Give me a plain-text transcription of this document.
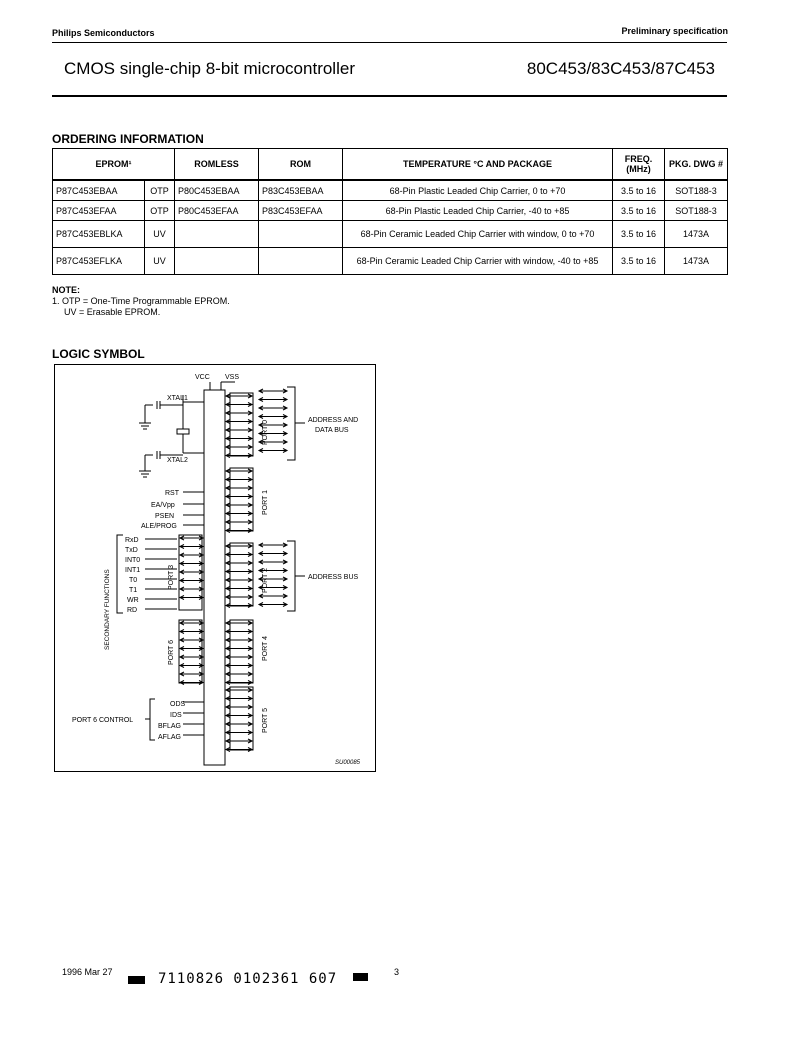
Philips Semiconductors	Preliminary specification
CMOS single-chip 8-bit microcontroller	80C453/83C453/87C453
ORDERING INFORMATION
EPROM¹		ROMLESS	ROM	TEMPERATURE °C AND PACKAGE	FREQ. (MHz)	PKG. DWG #
P87C453EBAA	OTP	P80C453EBAA	P83C453EBAA	68-Pin Plastic Leaded Chip Carrier, 0 to +70	3.5 to 16	SOT188-3
P87C453EFAA	OTP	P80C453EFAA	P83C453EFAA	68-Pin Plastic Leaded Chip Carrier, -40 to +85	3.5 to 16	SOT188-3
P87C453EBLKA	UV			68-Pin Ceramic Leaded Chip Carrier with window, 0 to +70	3.5 to 16	1473A
P87C453EFLKA	UV			68-Pin Ceramic Leaded Chip Carrier with window, -40 to +85	3.5 to 16	1473A
NOTE:
1. OTP = One-Time Programmable EPROM.
UV = Erasable EPROM.
LOGIC SYMBOL
VCC VSS
XTAL1
XTAL2
RST
EA/Vpp
PSEN
ALE/PROG
RxD
TxD
INT0
INT1
T0
T1
WR
RD
ADDRESS AND
DATA BUS
ADDRESS BUS
PORT 6 CONTROL
ODS
IDS
BFLAG
AFLAG
SU00085
PORT 0
PORT 1
PORT 2
PORT 4
PORT 5
PORT 3
PORT 6
SECONDARY FUNCTIONS
1996 Mar 27	7110826 0102361 607	3
